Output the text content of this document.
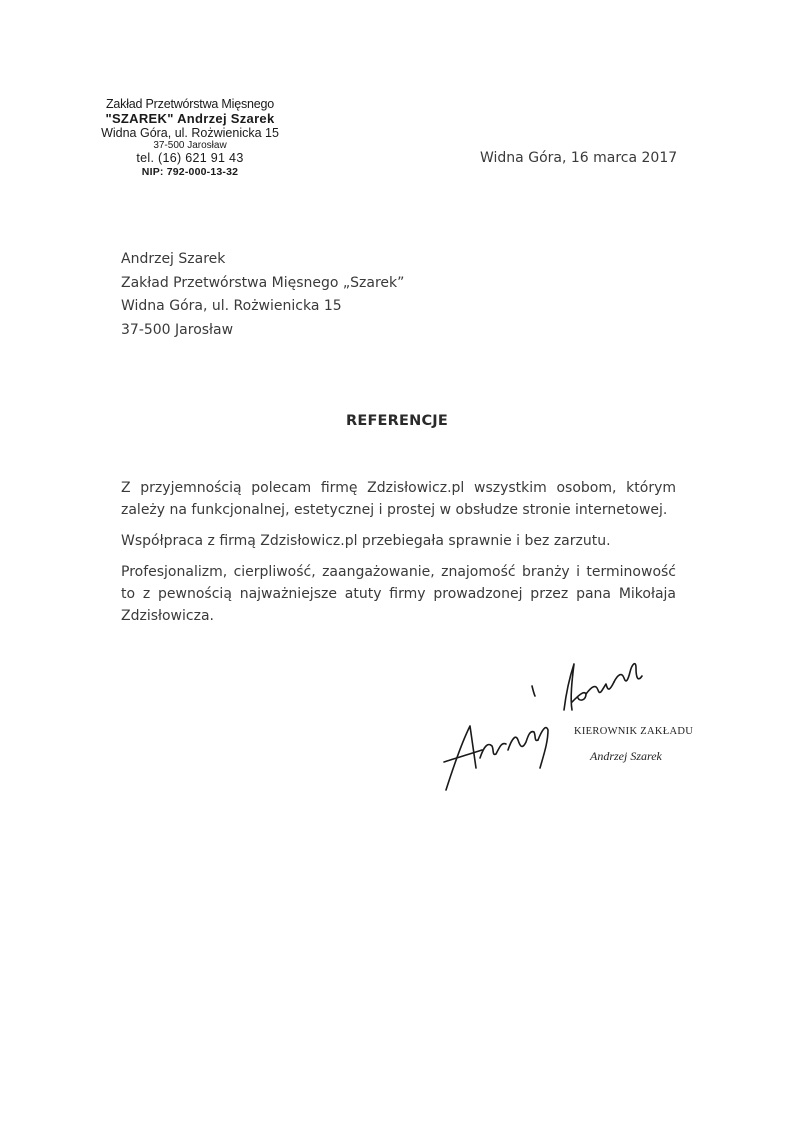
Zakład Przetwórstwa Mięsnego
"SZAREK" Andrzej Szarek
Widna Góra, ul. Rożwienicka 15
37-500 Jarosław
tel. (16) 621 91 43
NIP: 792-000-13-32
Widna Góra, 16 marca 2017
Andrzej Szarek
Zakład Przetwórstwa Mięsnego „Szarek”
Widna Góra, ul. Rożwienicka 15
37-500 Jarosław
REFERENCJE

Z przyjemnością polecam firmę Zdzisłowicz.pl wszystkim osobom, którym zależy na funkcjonalnej, estetycznej i prostej w obsłudze stronie internetowej.

Współpraca z firmą Zdzisłowicz.pl przebiegała sprawnie i bez zarzutu.

Profesjonalizm, cierpliwość, zaangażowanie, znajomość branży i terminowość to z pewnością najważniejsze atuty firmy prowadzonej przez pana Mikołaja Zdzisłowicza.

KIEROWNIK ZAKŁADU
Andrzej Szarek
